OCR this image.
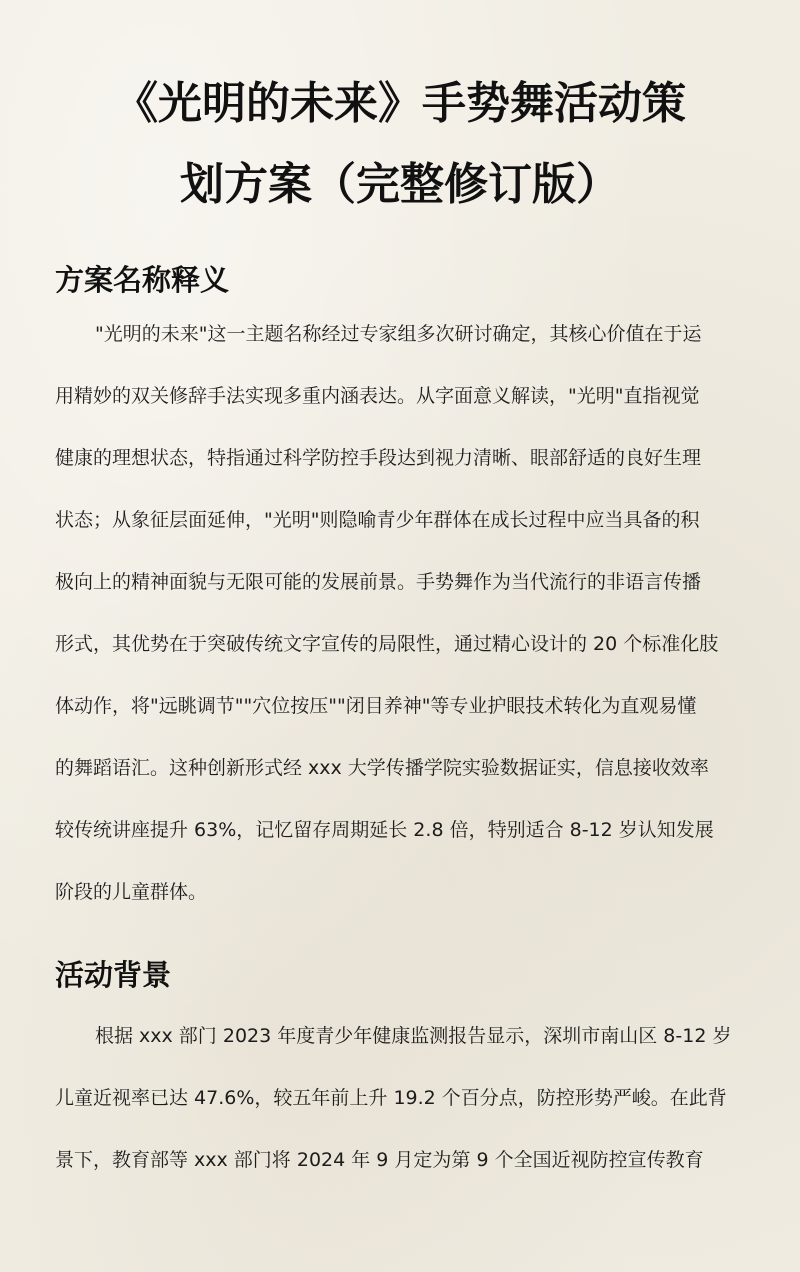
《光明的未来》手势舞活动策
划方案（完整修订版）
方案名称释义
"光明的未来"这一主题名称经过专家组多次研讨确定，其核心价值在于运
用精妙的双关修辞手法实现多重内涵表达。从字面意义解读，"光明"直指视觉
健康的理想状态，特指通过科学防控手段达到视力清晰、眼部舒适的良好生理
状态；从象征层面延伸，"光明"则隐喻青少年群体在成长过程中应当具备的积
极向上的精神面貌与无限可能的发展前景。手势舞作为当代流行的非语言传播
形式，其优势在于突破传统文字宣传的局限性，通过精心设计的 20 个标准化肢
体动作，将"远眺调节""穴位按压""闭目养神"等专业护眼技术转化为直观易懂
的舞蹈语汇。这种创新形式经 xxx 大学传播学院实验数据证实，信息接收效率
较传统讲座提升 63%，记忆留存周期延长 2.8 倍，特别适合 8-12 岁认知发展
阶段的儿童群体。
活动背景
根据 xxx 部门 2023 年度青少年健康监测报告显示，深圳市南山区 8-12 岁
儿童近视率已达 47.6%，较五年前上升 19.2 个百分点，防控形势严峻。在此背
景下，教育部等 xxx 部门将 2024 年 9 月定为第 9 个全国近视防控宣传教育
